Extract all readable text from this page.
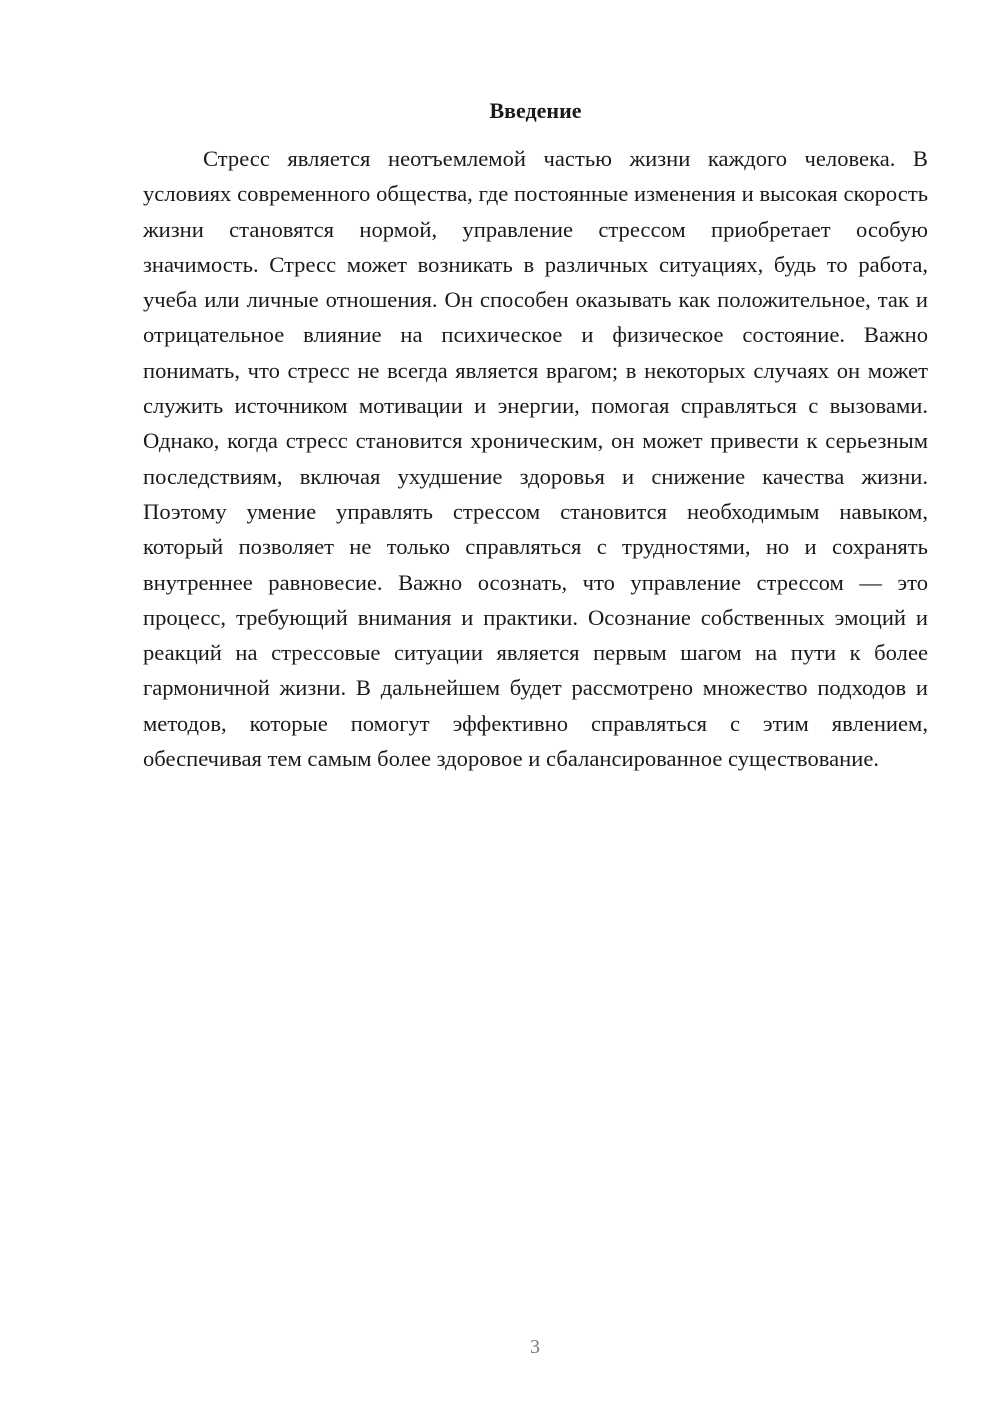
Введение

Стресс является неотъемлемой частью жизни каждого человека. В условиях современного общества, где постоянные изменения и высокая скорость жизни становятся нормой, управление стрессом приобретает особую значимость. Стресс может возникать в различных ситуациях, будь то работа, учеба или личные отношения. Он способен оказывать как положительное, так и отрицательное влияние на психическое и физическое состояние. Важно понимать, что стресс не всегда является врагом; в некоторых случаях он может служить источником мотивации и энергии, помогая справляться с вызовами. Однако, когда стресс становится хроническим, он может привести к серьезным последствиям, включая ухудшение здоровья и снижение качества жизни. Поэтому умение управлять стрессом становится необходимым навыком, который позволяет не только справляться с трудностями, но и сохранять внутреннее равновесие. Важно осознать, что управление стрессом — это процесс, требующий внимания и практики. Осознание собственных эмоций и реакций на стрессовые ситуации является первым шагом на пути к более гармоничной жизни. В дальнейшем будет рассмотрено множество подходов и методов, которые помогут эффективно справляться с этим явлением, обеспечивая тем самым более здоровое и сбалансированное существование.

3
